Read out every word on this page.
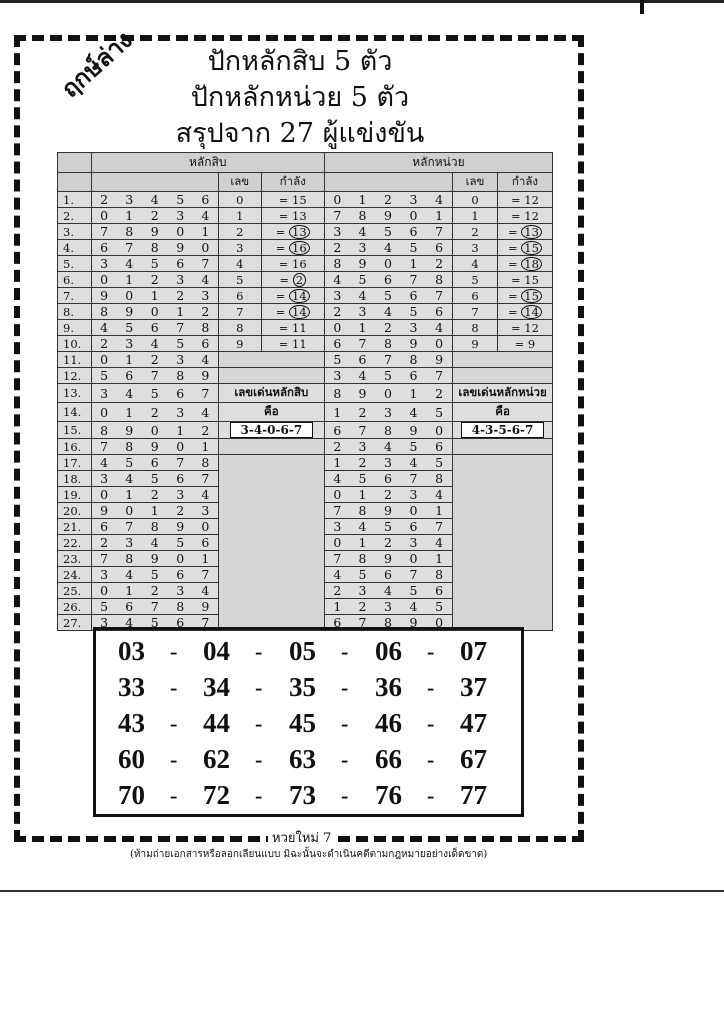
ฤกษ์ล่าง	ปักหลักสิบ 5 ตัว
ปักหลักหน่วย 5 ตัว
สรุปจาก 27 ผู้แข่งขัน
	หลักสิบ							หลักหน่วย						
						เลข	กำลัง						เลข	กำลัง
1.	2	3	4	5	6	0	= 15	0	1	2	3	4	0	= 12
2.	0	1	2	3	4	1	= 13	7	8	9	0	1	1	= 12
3.	7	8	9	0	1	2	= 13	3	4	5	6	7	2	= 13
4.	6	7	8	9	0	3	= 16	2	3	4	5	6	3	= 15
5.	3	4	5	6	7	4	= 16	8	9	0	1	2	4	= 18
6.	0	1	2	3	4	5	= 2	4	5	6	7	8	5	= 15
7.	9	0	1	2	3	6	= 14	3	4	5	6	7	6	= 15
8.	8	9	0	1	2	7	= 14	2	3	4	5	6	7	= 14
9.	4	5	6	7	8	8	= 11	0	1	2	3	4	8	= 12
10.	2	3	4	5	6	9	= 11	6	7	8	9	0	9	= 9
11.	0	1	2	3	4			5	6	7	8	9		
12.	5	6	7	8	9			3	4	5	6	7		
13.	3	4	5	6	7	เลขเด่นหลักสิบ		8	9	0	1	2	เลขเด่นหลักหน่วย	
14.	0	1	2	3	4	คือ		1	2	3	4	5	คือ	
15.	8	9	0	1	2	3-4-0-6-7		6	7	8	9	0	4-3-5-6-7	
16.	7	8	9	0	1			2	3	4	5	6		
17.	4	5	6	7	8			1	2	3	4	5		
18.	3	4	5	6	7			4	5	6	7	8		
19.	0	1	2	3	4			0	1	2	3	4		
20.	9	0	1	2	3			7	8	9	0	1		
21.	6	7	8	9	0			3	4	5	6	7		
22.	2	3	4	5	6			0	1	2	3	4		
23.	7	8	9	0	1			7	8	9	0	1		
24.	3	4	5	6	7			4	5	6	7	8		
25.	0	1	2	3	4			2	3	4	5	6		
26.	5	6	7	8	9			1	2	3	4	5		
27.	3	4	5	6	7			6	7	8	9	0		
03 - 04 - 05 - 06 - 07
33 - 34 - 35 - 36 - 37
43 - 44 - 45 - 46 - 47
60 - 62 - 63 - 66 - 67
70 - 72 - 73 - 76 - 77
หวยใหม่ 7
(ห้ามถ่ายเอกสารหรือลอกเลียนแบบ มิฉะนั้นจะดำเนินคดีตามกฎหมายอย่างเด็ดขาด)
